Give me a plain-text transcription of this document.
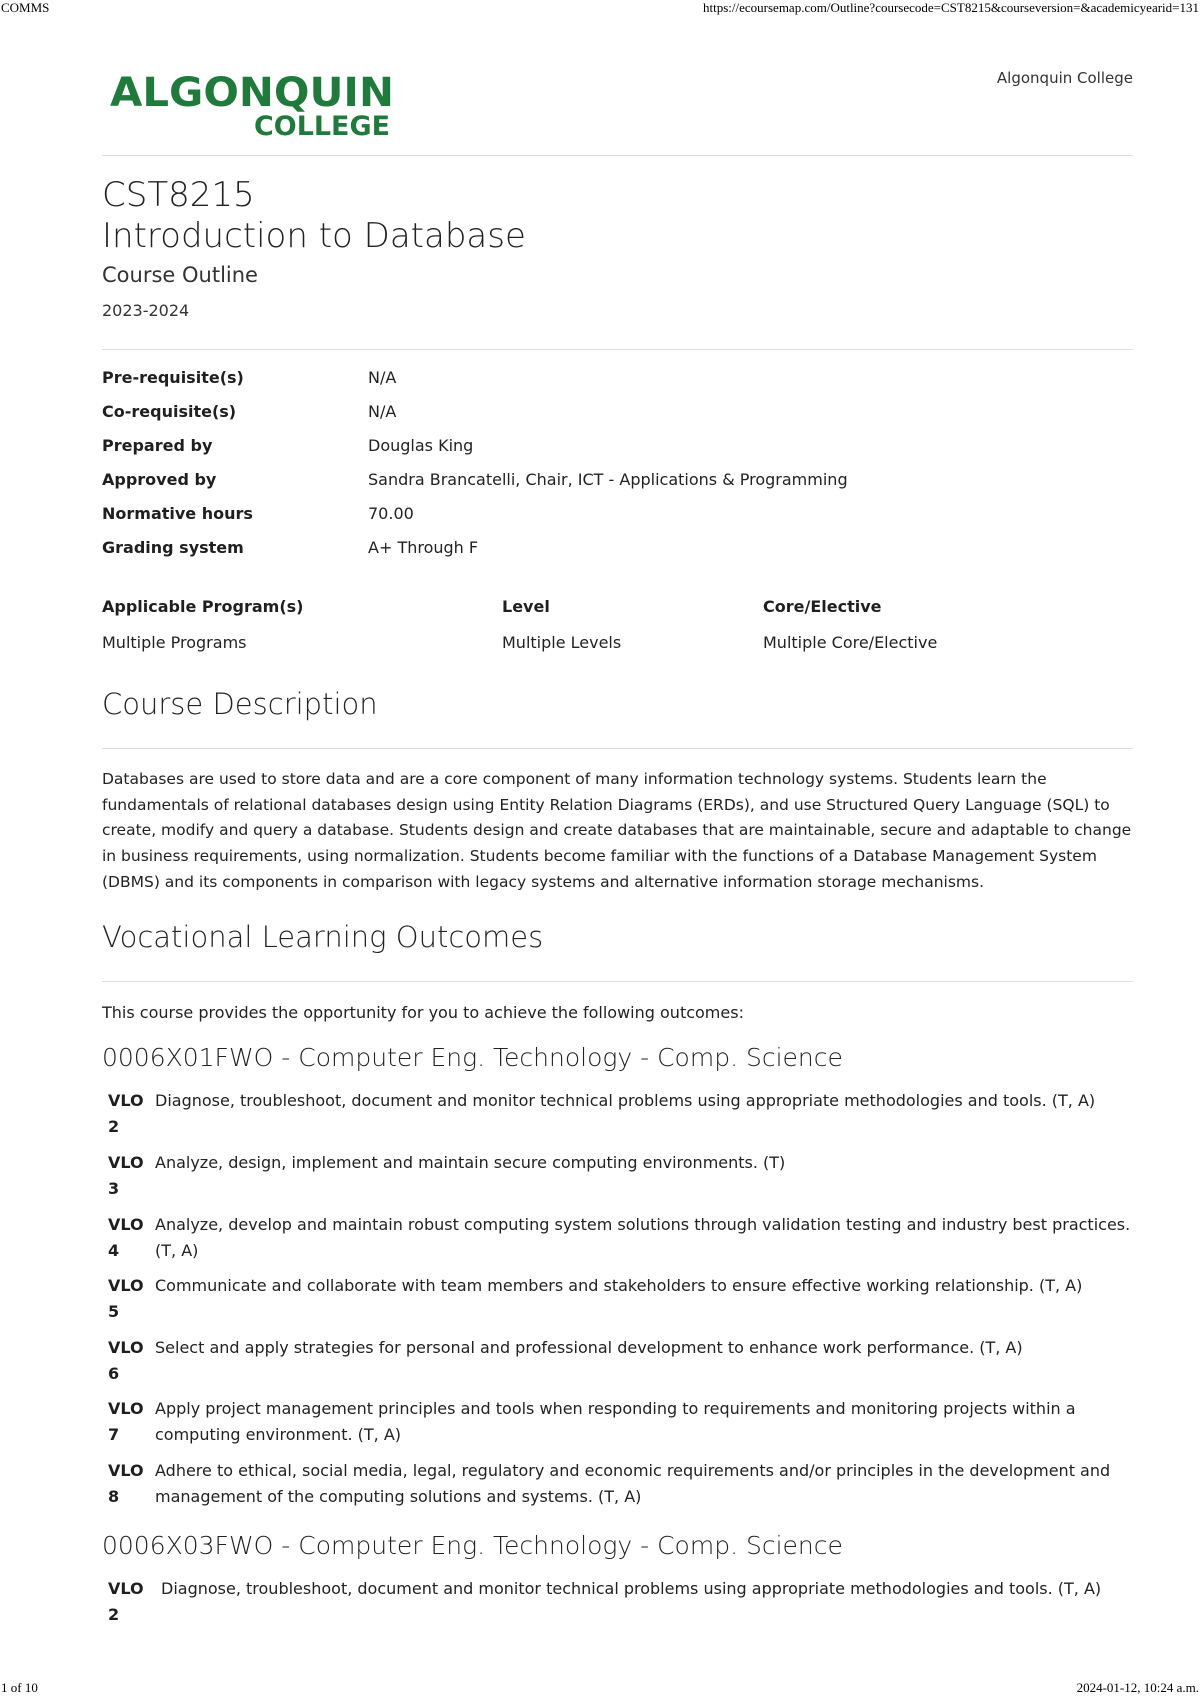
COMMS	https://ecoursemap.com/Outline?coursecode=CST8215&courseversion=&academicyearid=131
ALGONQUIN
COLLEGE
Algonquin College
CST8215
Introduction to Database
Course Outline
2023-2024
Pre-requisite(s)	N/A
Co-requisite(s)	N/A
Prepared by	Douglas King
Approved by	Sandra Brancatelli, Chair, ICT - Applications & Programming
Normative hours	70.00
Grading system	A+ Through F
Applicable Program(s)	Level	Core/Elective
Multiple Programs	Multiple Levels	Multiple Core/Elective
Course Description
Databases are used to store data and are a core component of many information technology systems. Students learn the fundamentals of relational databases design using Entity Relation Diagrams (ERDs), and use Structured Query Language (SQL) to create, modify and query a database. Students design and create databases that are maintainable, secure and adaptable to change in business requirements, using normalization. Students become familiar with the functions of a Database Management System (DBMS) and its components in comparison with legacy systems and alternative information storage mechanisms.
Vocational Learning Outcomes
This course provides the opportunity for you to achieve the following outcomes:
0006X01FWO - Computer Eng. Technology - Comp. Science
VLO
2
Diagnose, troubleshoot, document and monitor technical problems using appropriate methodologies and tools. (T, A)
VLO
3
Analyze, design, implement and maintain secure computing environments. (T)
VLO
4
Analyze, develop and maintain robust computing system solutions through validation testing and industry best practices. (T, A)
VLO
5
Communicate and collaborate with team members and stakeholders to ensure effective working relationship. (T, A)
VLO
6
Select and apply strategies for personal and professional development to enhance work performance. (T, A)
VLO
7
Apply project management principles and tools when responding to requirements and monitoring projects within a computing environment. (T, A)
VLO
8
Adhere to ethical, social media, legal, regulatory and economic requirements and/or principles in the development and management of the computing solutions and systems. (T, A)
0006X03FWO - Computer Eng. Technology - Comp. Science
VLO
2
Diagnose, troubleshoot, document and monitor technical problems using appropriate methodologies and tools. (T, A)
1 of 10	2024-01-12, 10:24 a.m.
